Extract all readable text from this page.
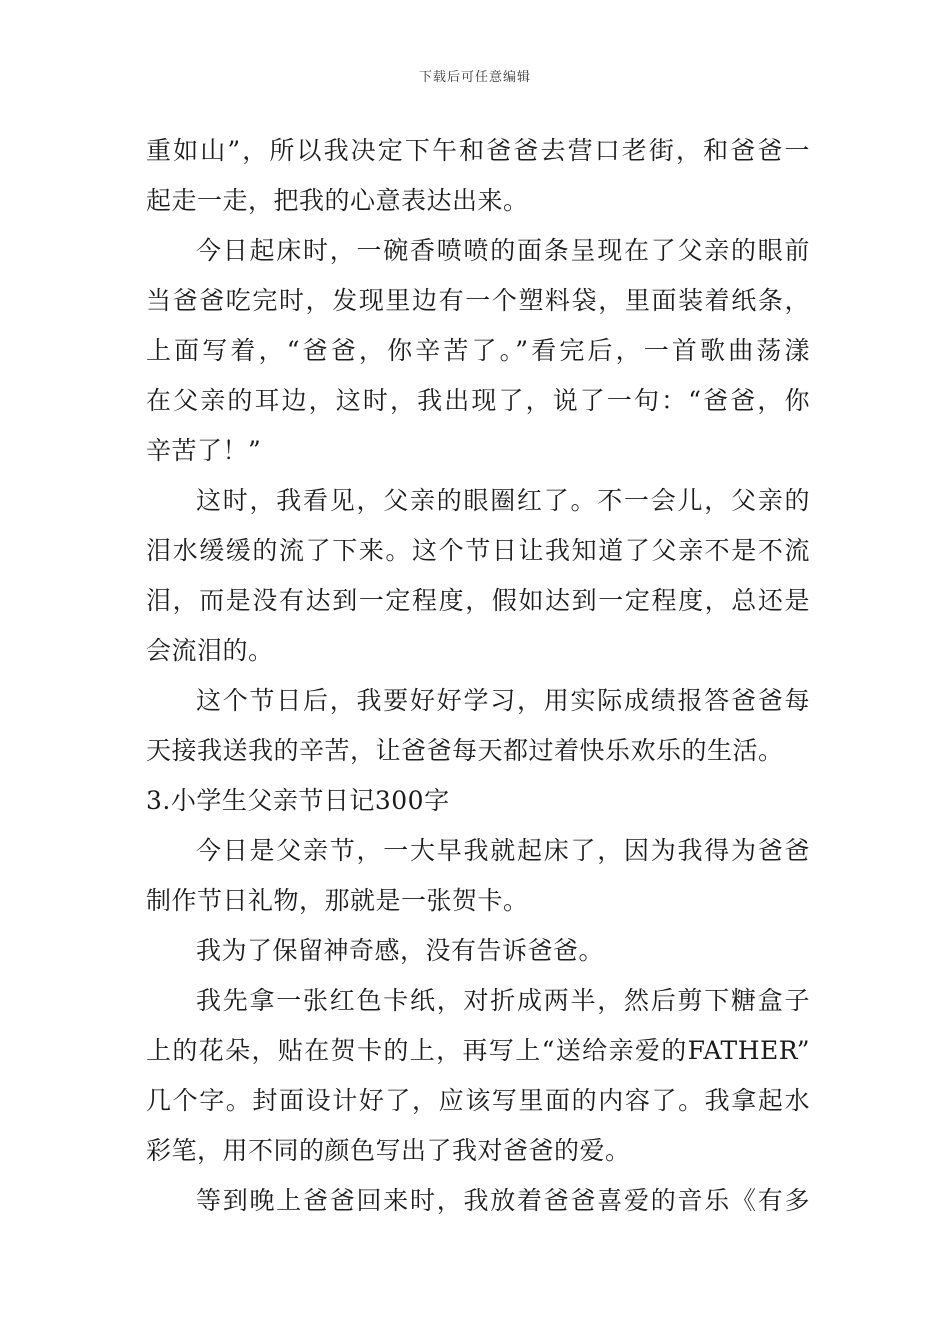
下载后可任意编辑
重如山”，所以我决定下午和爸爸去营口老街，和爸爸一
起走一走，把我的心意表达出来。
今日起床时，一碗香喷喷的面条呈现在了父亲的眼前
当爸爸吃完时，发现里边有一个塑料袋，里面装着纸条，
上面写着，“爸爸，你辛苦了。”看完后，一首歌曲荡漾
在父亲的耳边，这时，我出现了，说了一句：“爸爸，你
辛苦了！”
这时，我看见，父亲的眼圈红了。不一会儿，父亲的
泪水缓缓的流了下来。这个节日让我知道了父亲不是不流
泪，而是没有达到一定程度，假如达到一定程度，总还是
会流泪的。
这个节日后，我要好好学习，用实际成绩报答爸爸每
天接我送我的辛苦，让爸爸每天都过着快乐欢乐的生活。
3.小学生父亲节日记300字
今日是父亲节，一大早我就起床了，因为我得为爸爸
制作节日礼物，那就是一张贺卡。
我为了保留神奇感，没有告诉爸爸。
我先拿一张红色卡纸，对折成两半，然后剪下糖盒子
上的花朵，贴在贺卡的上，再写上“送给亲爱的FATHER”
几个字。封面设计好了，应该写里面的内容了。我拿起水
彩笔，用不同的颜色写出了我对爸爸的爱。
等到晚上爸爸回来时，我放着爸爸喜爱的音乐《有多
